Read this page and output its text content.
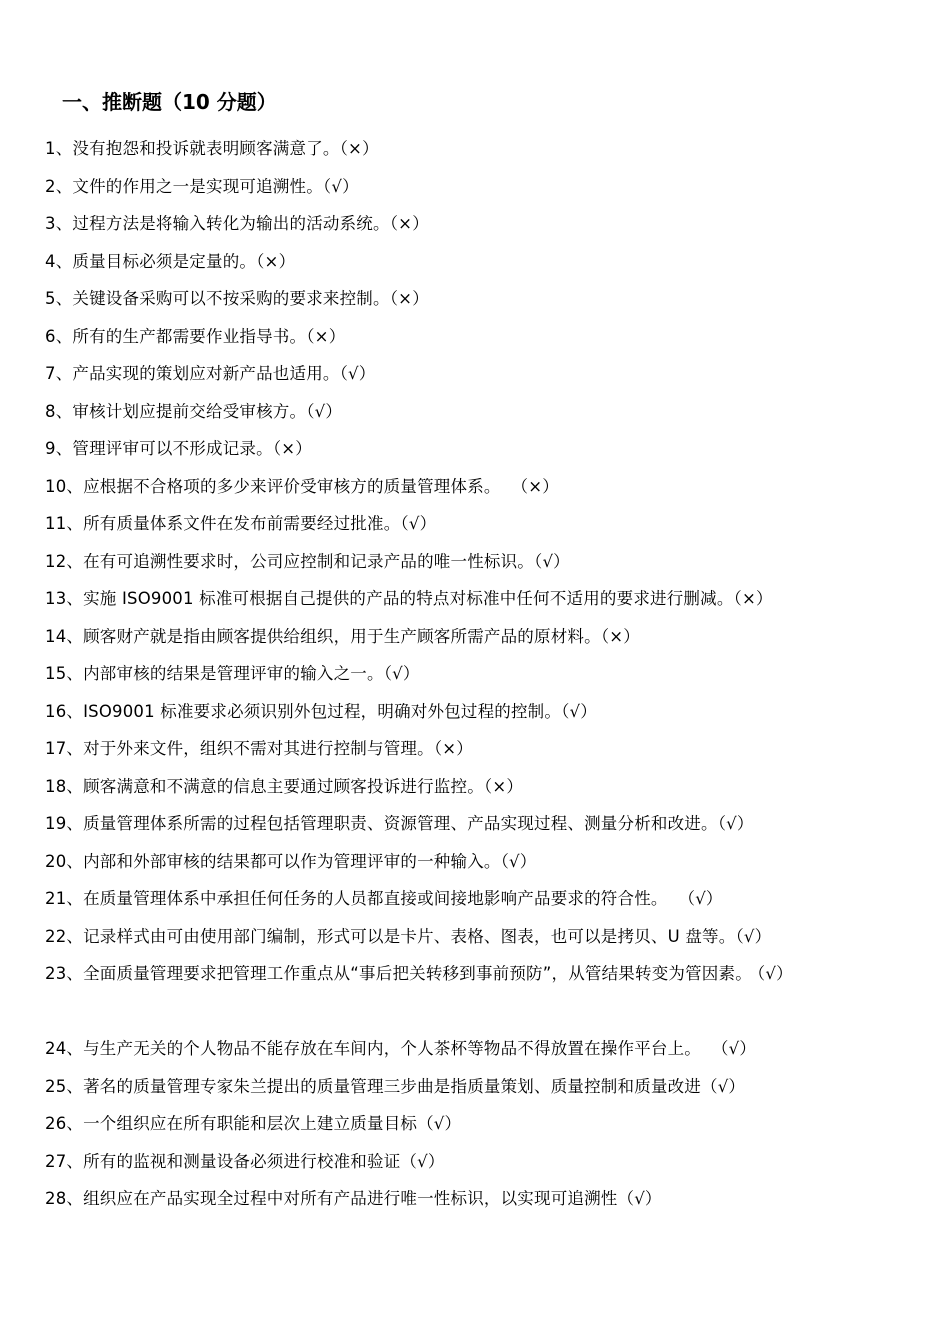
一、推断题（10 分题）
1、没有抱怨和投诉就表明顾客满意了。（×）
2、文件的作用之一是实现可追溯性。（√）
3、过程方法是将输入转化为输出的活动系统。（×）
4、质量目标必须是定量的。（×）
5、关键设备采购可以不按采购的要求来控制。（×）
6、所有的生产都需要作业指导书。（×）
7、产品实现的策划应对新产品也适用。（√）
8、审核计划应提前交给受审核方。（√）
9、管理评审可以不形成记录。（×）
10、应根据不合格项的多少来评价受审核方的质量管理体系。  （×）
11、所有质量体系文件在发布前需要经过批准。（√）
12、在有可追溯性要求时，公司应控制和记录产品的唯一性标识。（√）
13、实施 ISO9001 标准可根据自己提供的产品的特点对标准中任何不适用的要求进行删减。（×）
14、顾客财产就是指由顾客提供给组织，用于生产顾客所需产品的原材料。（×）
15、内部审核的结果是管理评审的输入之一。（√）
16、ISO9001 标准要求必须识别外包过程，明确对外包过程的控制。（√）
17、对于外来文件，组织不需对其进行控制与管理。（×）
18、顾客满意和不满意的信息主要通过顾客投诉进行监控。（×）
19、质量管理体系所需的过程包括管理职责、资源管理、产品实现过程、测量分析和改进。（√）
20、内部和外部审核的结果都可以作为管理评审的一种输入。（√）
21、在质量管理体系中承担任何任务的人员都直接或间接地影响产品要求的符合性。  （√）
22、记录样式由可由使用部门编制，形式可以是卡片、表格、图表，也可以是拷贝、U 盘等。（√）
23、全面质量管理要求把管理工作重点从“事后把关转移到事前预防”，从管结果转变为管因素。 （√）
24、与生产无关的个人物品不能存放在车间内，个人茶杯等物品不得放置在操作平台上。  （√）
25、著名的质量管理专家朱兰提出的质量管理三步曲是指质量策划、质量控制和质量改进（√）
26、一个组织应在所有职能和层次上建立质量目标（√）
27、所有的监视和测量设备必须进行校准和验证（√）
28、组织应在产品实现全过程中对所有产品进行唯一性标识，以实现可追溯性（√）
